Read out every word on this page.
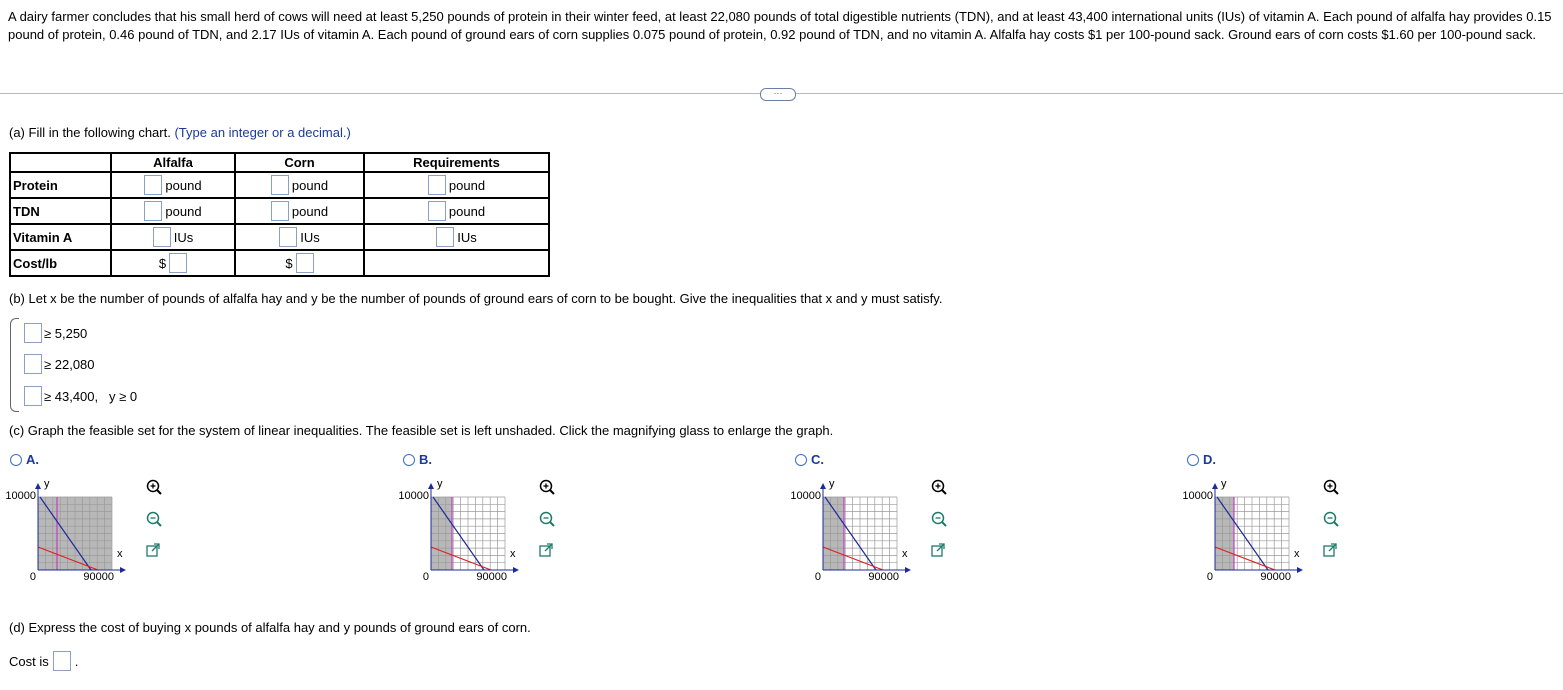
A dairy farmer concludes that his small herd of cows will need at least 5,250 pounds of protein in their winter feed, at least 22,080 pounds of total digestible nutrients (TDN), and at least 43,400 international units (IUs) of vitamin A. Each pound of alfalfa hay provides 0.15 pound of protein, 0.46 pound of TDN, and 2.17 IUs of vitamin A. Each pound of ground ears of corn supplies 0.075 pound of protein, 0.92 pound of TDN, and no vitamin A. Alfalfa hay costs $1 per 100-pound sack. Ground ears of corn costs $1.60 per 100-pound sack.

···
(a) Fill in the following chart. (Type an integer or a decimal.)
	Alfalfa	Corn	Requirements
Protein	pound	pound	pound

TDN	pound	pound	pound

Vitamin A	IUs	IUs	IUs

Cost/lb	$	$	

(b) Let x be the number of pounds of alfalfa hay and y be the number of pounds of ground ears of corn to be bought. Give the inequalities that x and y must satisfy.
≥ 5,250
≥ 22,080
≥ 43,400,   y ≥ 0
(c) Graph the feasible set for the system of linear inequalities. The feasible set is left unshaded. Click the magnifying glass to enlarge the graph.
A.
y
10000
x
0	90000
B.
y
10000
x
0	90000
C.
y
10000
x
0	90000
D.
y
10000
x
0	90000
(d) Express the cost of buying x pounds of alfalfa hay and y pounds of ground ears of corn.
Cost is .
